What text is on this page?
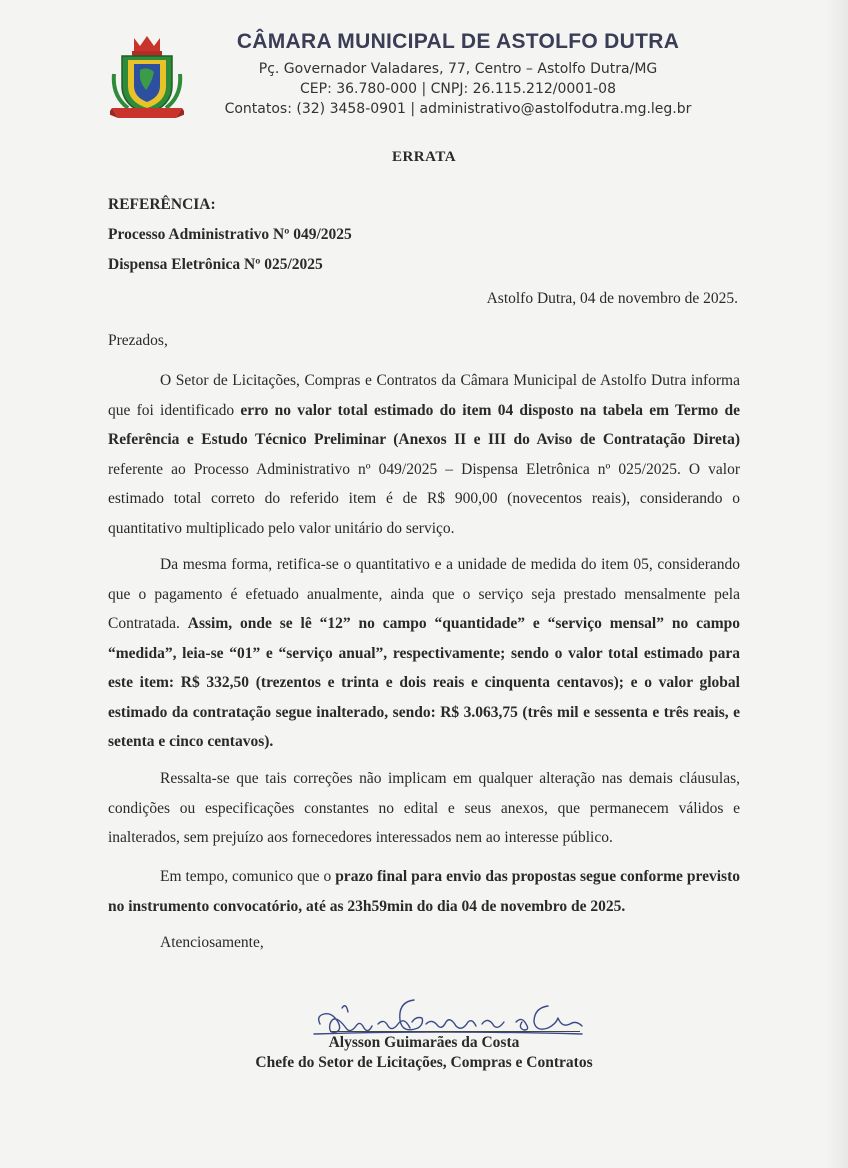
CÂMARA MUNICIPAL DE ASTOLFO DUTRA
Pç. Governador Valadares, 77, Centro – Astolfo Dutra/MG
CEP: 36.780-000 | CNPJ: 26.115.212/0001-08
Contatos: (32) 3458-0901 | administrativo@astolfodutra.mg.leg.br
ERRATA
REFERÊNCIA:
Processo Administrativo Nº 049/2025
Dispensa Eletrônica Nº 025/2025
Astolfo Dutra, 04 de novembro de 2025.
Prezados,
O Setor de Licitações, Compras e Contratos da Câmara Municipal de Astolfo Dutra informa que foi identificado erro no valor total estimado do item 04 disposto na tabela em Termo de Referência e Estudo Técnico Preliminar (Anexos II e III do Aviso de Contratação Direta) referente ao Processo Administrativo nº 049/2025 – Dispensa Eletrônica nº 025/2025. O valor estimado total correto do referido item é de R$ 900,00 (novecentos reais), considerando o quantitativo multiplicado pelo valor unitário do serviço.
Da mesma forma, retifica-se o quantitativo e a unidade de medida do item 05, considerando que o pagamento é efetuado anualmente, ainda que o serviço seja prestado mensalmente pela Contratada. Assim, onde se lê “12” no campo “quantidade” e “serviço mensal” no campo “medida”, leia-se “01” e “serviço anual”, respectivamente; sendo o valor total estimado para este item: R$ 332,50 (trezentos e trinta e dois reais e cinquenta centavos); e o valor global estimado da contratação segue inalterado, sendo: R$ 3.063,75 (três mil e sessenta e três reais, e setenta e cinco centavos).
Ressalta-se que tais correções não implicam em qualquer alteração nas demais cláusulas, condições ou especificações constantes no edital e seus anexos, que permanecem válidos e inalterados, sem prejuízo aos fornecedores interessados nem ao interesse público.
Em tempo, comunico que o prazo final para envio das propostas segue conforme previsto no instrumento convocatório, até as 23h59min do dia 04 de novembro de 2025.
Atenciosamente,
Alysson Guimarães da Costa
Chefe do Setor de Licitações, Compras e Contratos
